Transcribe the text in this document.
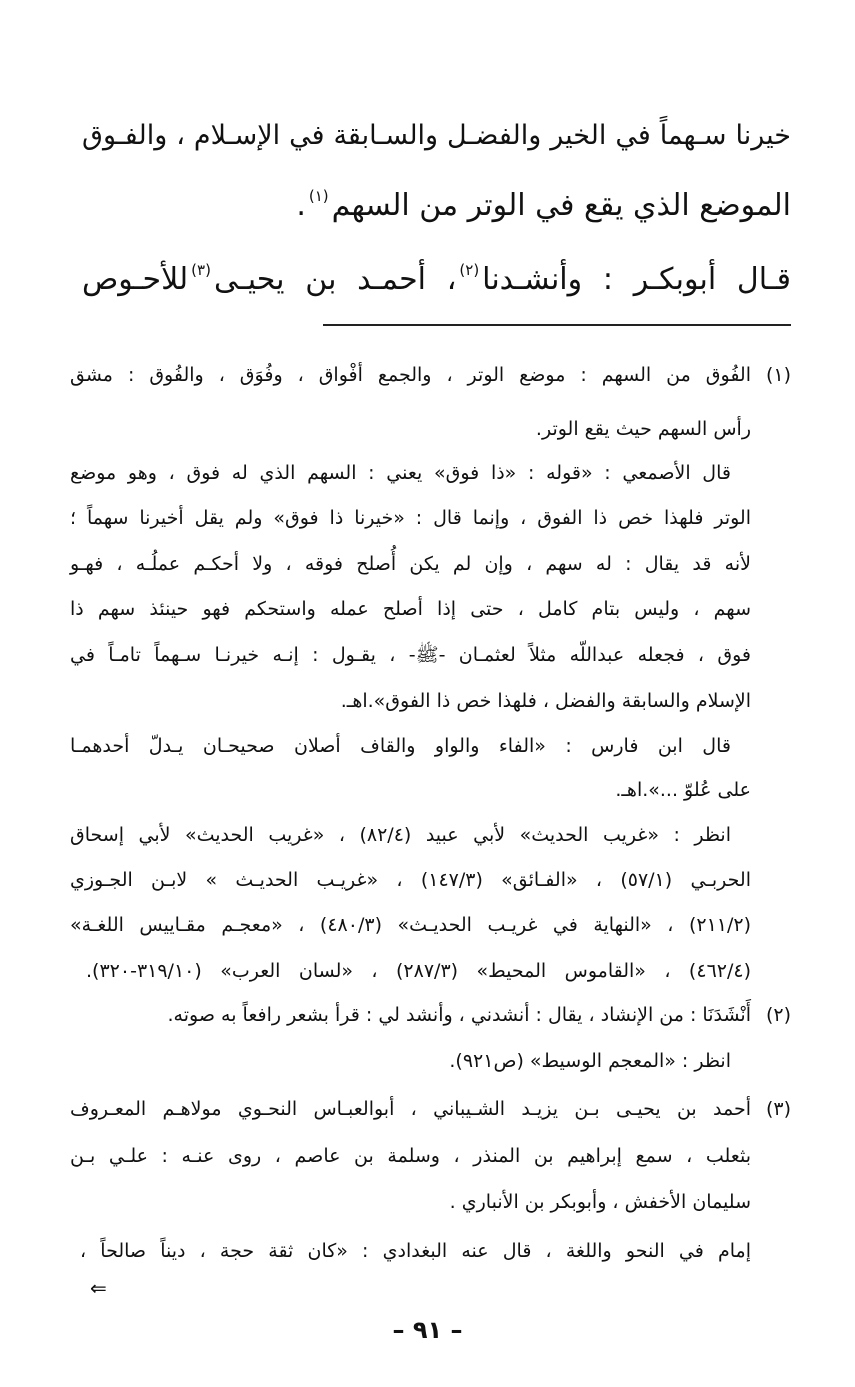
خيرنا سـهماً في الخير والفضـل والسـابقة في الإسـلام ، والفـوق
الموضع الذي يقع في الوتر من السهم$^{(١)}$.
قـال أبوبكـر : وأنشـدنا$^{(٢)}$، أحمـد بن يحيـى$^{(٣)}$للأحـوص
(١)
الفُوق من السهم : موضع الوتر ، والجمع أفْواق ، وفُوَق ، والفُوق : مشق
رأس السهم حيث يقع الوتر.
قال الأصمعي : «قوله : «ذا فوق» يعني : السهم الذي له فوق ، وهو موضع
الوتر فلهذا خص ذا الفوق ، وإنما قال : «خيرنا ذا فوق» ولم يقل أخيرنا سهماً ؛
لأنه قد يقال : له سهم ، وإن لم يكن أُصلح فوقه ، ولا أحكـم عملُـه ، فهـو
سهم ، وليس بتام كامل ، حتى إذا أصلح عمله واستحكم فهو حينئذ سهم ذا
فوق ، فجعله عبداللّه مثلاً لعثمـان -ﷺ- ، يقـول : إنـه خيرنـا سـهماً تامـاً في
الإسلام والسابقة والفضل ، فلهذا خص ذا الفوق».اهـ.
قال ابن فارس : «الفاء والواو والقاف أصلان صحيحـان يـدلّ أحدهمـا
على عُلوّ ...».اهـ.
انظر : «غريب الحديث» لأبي عبيد (٨٢/٤) ، «غريب الحديث» لأبي إسحاق
الحربـي (٥٧/١) ، «الفـائق» (١٤٧/٣) ، «غريـب الحديـث » لابـن الجـوزي
(٢١١/٢) ، «النهاية في غريـب الحديـث» (٤٨٠/٣) ، «معجـم مقـاييس اللغـة»
(٤٦٢/٤) ، «القاموس المحيط» (٢٨٧/٣) ، «لسان العرب» (٣١٩/١٠-٣٢٠).
(٢)
أَنْشَدَنَا : من الإنشاد ، يقال : أنشدني ، وأنشد لي : قرأ بشعر رافعاً به صوته.
انظر : «المعجم الوسيط» (ص٩٢١).
(٣)
أحمد بن يحيـى بـن يزيـد الشـيباني ، أبوالعبـاس النحـوي مولاهـم المعـروف
بثعلب ، سمع إبراهيم بن المنذر ، وسلمة بن عاصم ، روى عنـه : علـي بـن
سليمان الأخفش ، وأبوبكر بن الأنباري .
إمام في النحو واللغة ، قال عنه البغدادي : «كان ثقة حجة ، ديناً صالحاً ،
⇐
– ٩١ –
